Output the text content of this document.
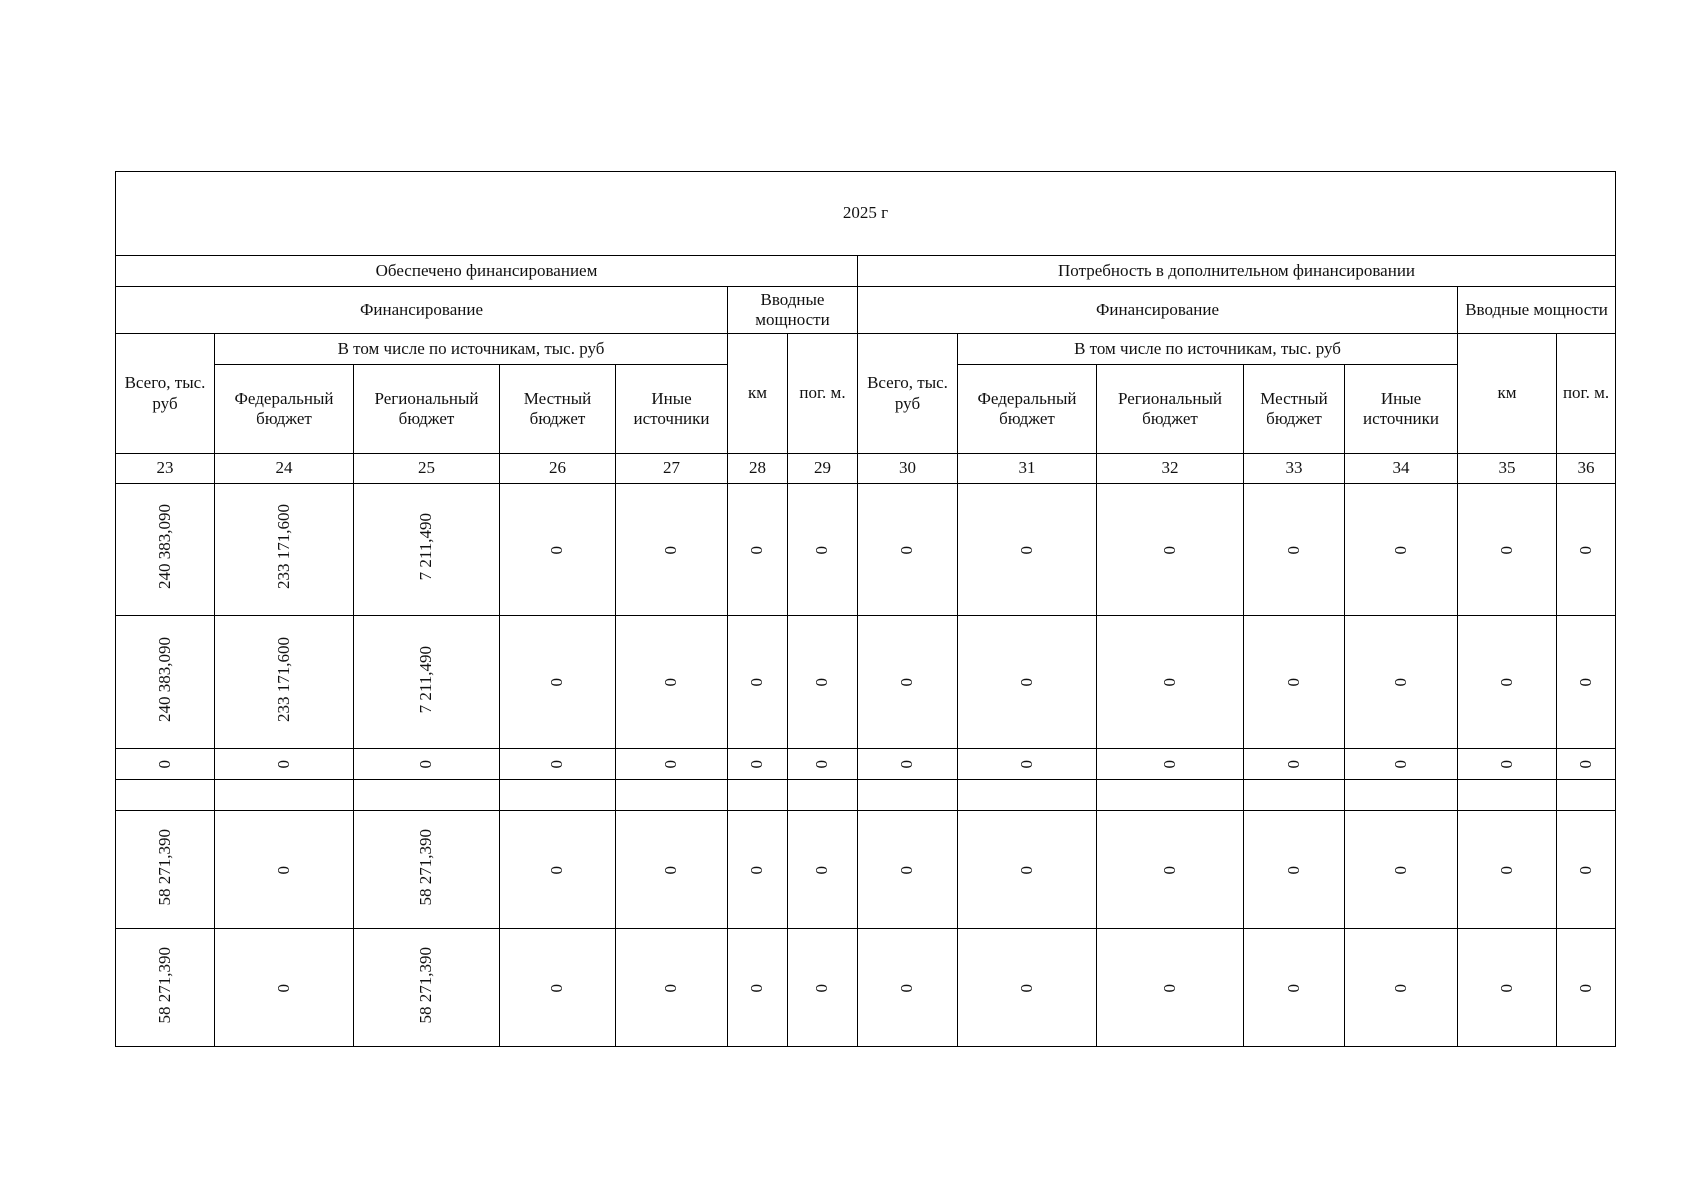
2025 г													
Обеспечено финансированием							Потребность в дополнительном финансировании						
Финансирование					Вводные мощности		Финансирование					Вводные мощности	

Всего, тыс. руб	В том числе по источникам, тыс. руб				км	пог. м.	Всего, тыс. руб	В том числе по источникам, тыс. руб				км	пог. м.
	Федеральный бюджет	Региональный бюджет	Местный бюджет	Иные источники				Федеральный бюджет	Региональный бюджет	Местный бюджет	Иные источники		
23	24	25	26	27	28	29	30	31	32	33	34	35	36
240 383,090	233 171,600	7 211,490	0	0	0	0	0	0	0	0	0	0	0
240 383,090	233 171,600	7 211,490	0	0	0	0	0	0	0	0	0	0	0
0	0	0	0	0	0	0	0	0	0	0	0	0	0

58 271,390	0	58 271,390	0	0	0	0	0	0	0	0	0	0	0
58 271,390	0	58 271,390	0	0	0	0	0	0	0	0	0	0	0
